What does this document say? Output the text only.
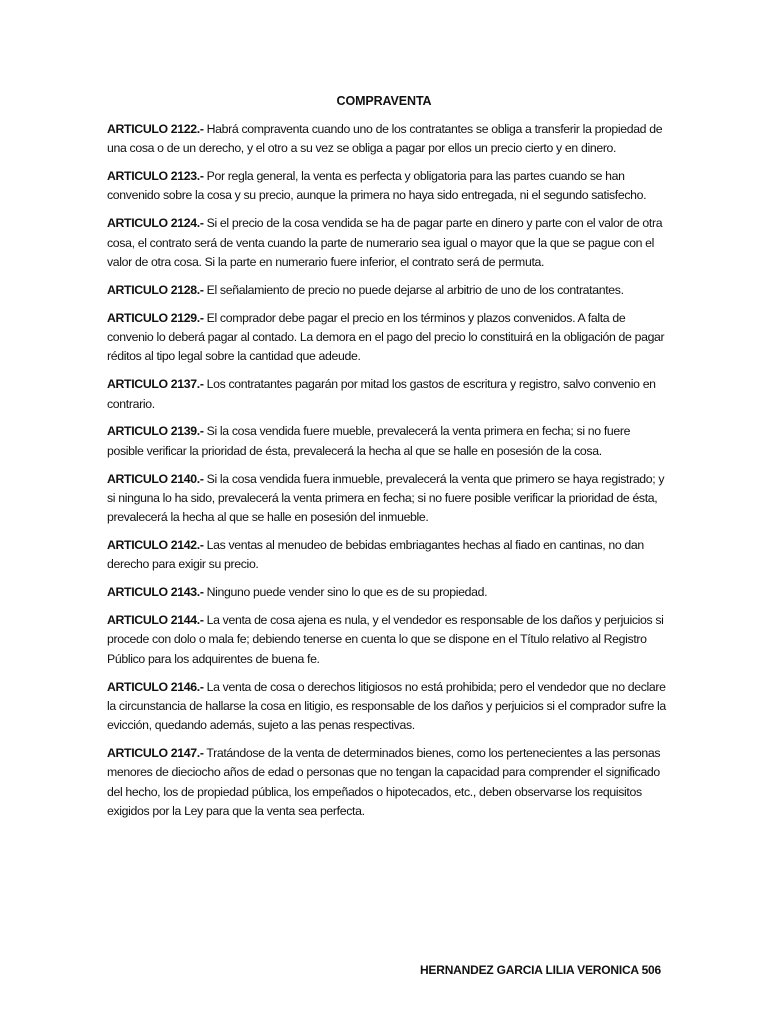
COMPRAVENTA

ARTICULO 2122.- Habrá compraventa cuando uno de los contratantes se obliga a transferir la propiedad de una cosa o de un derecho, y el otro a su vez se obliga a pagar por ellos un precio cierto y en dinero.

ARTICULO 2123.- Por regla general, la venta es perfecta y obligatoria para las partes cuando se han convenido sobre la cosa y su precio, aunque la primera no haya sido entregada, ni el segundo satisfecho.

ARTICULO 2124.- Si el precio de la cosa vendida se ha de pagar parte en dinero y parte con el valor de otra cosa, el contrato será de venta cuando la parte de numerario sea igual o mayor que la que se pague con el valor de otra cosa. Si la parte en numerario fuere inferior, el contrato será de permuta.

ARTICULO 2128.- El señalamiento de precio no puede dejarse al arbitrio de uno de los contratantes.

ARTICULO 2129.- El comprador debe pagar el precio en los términos y plazos convenidos. A falta de convenio lo deberá pagar al contado. La demora en el pago del precio lo constituirá en la obligación de pagar réditos al tipo legal sobre la cantidad que adeude.

ARTICULO 2137.- Los contratantes pagarán por mitad los gastos de escritura y registro, salvo convenio en contrario.

ARTICULO 2139.- Si la cosa vendida fuere mueble, prevalecerá la venta primera en fecha; si no fuere posible verificar la prioridad de ésta, prevalecerá la hecha al que se halle en posesión de la cosa.

ARTICULO 2140.- Si la cosa vendida fuera inmueble, prevalecerá la venta que primero se haya registrado; y si ninguna lo ha sido, prevalecerá la venta primera en fecha; si no fuere posible verificar la prioridad de ésta, prevalecerá la hecha al que se halle en posesión del inmueble.

ARTICULO 2142.- Las ventas al menudeo de bebidas embriagantes hechas al fiado en cantinas, no dan derecho para exigir su precio.

ARTICULO 2143.- Ninguno puede vender sino lo que es de su propiedad.

ARTICULO 2144.- La venta de cosa ajena es nula, y el vendedor es responsable de los daños y perjuicios si procede con dolo o mala fe; debiendo tenerse en cuenta lo que se dispone en el Título relativo al Registro Público para los adquirentes de buena fe.

ARTICULO 2146.- La venta de cosa o derechos litigiosos no está prohibida; pero el vendedor que no declare la circunstancia de hallarse la cosa en litigio, es responsable de los daños y perjuicios si el comprador sufre la evicción, quedando además, sujeto a las penas respectivas.

ARTICULO 2147.- Tratándose de la venta de determinados bienes, como los pertenecientes a las personas menores de dieciocho años de edad o personas que no tengan la capacidad para comprender el significado del hecho, los de propiedad pública, los empeñados o hipotecados, etc., deben observarse los requisitos exigidos por la Ley para que la venta sea perfecta.

HERNANDEZ GARCIA LILIA VERONICA 506
